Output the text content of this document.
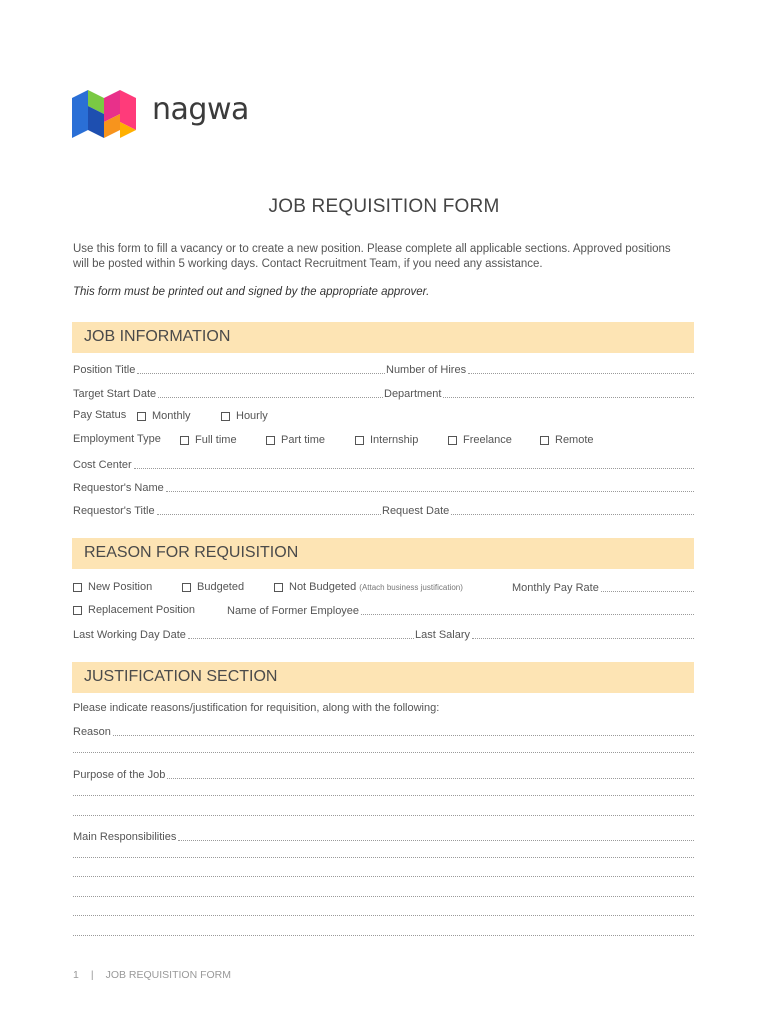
nagwa
JOB REQUISITION FORM
Use this form to fill a vacancy or to create a new position. Please complete all applicable sections. Approved positions will be posted within 5 working days. Contact Recruitment Team, if you need any assistance.
This form must be printed out and signed by the appropriate approver.
JOB INFORMATION
Position Title	Number of Hires
Target Start Date	Department
Pay Status Monthly	Hourly
Employment Type	Full time	Part time	Internship	Freelance	Remote
Cost Center
Requestor's Name
Requestor's Title	Request Date
REASON FOR REQUISITION
New Position	Budgeted	Not Budgeted (Attach business justification)	Monthly Pay Rate
Replacement Position	Name of Former Employee
Last Working Day Date	Last Salary
JUSTIFICATION SECTION
Please indicate reasons/justification for requisition, along with the following:
Reason
Purpose of the Job
Main Responsibilities
1 | JOB REQUISITION FORM
